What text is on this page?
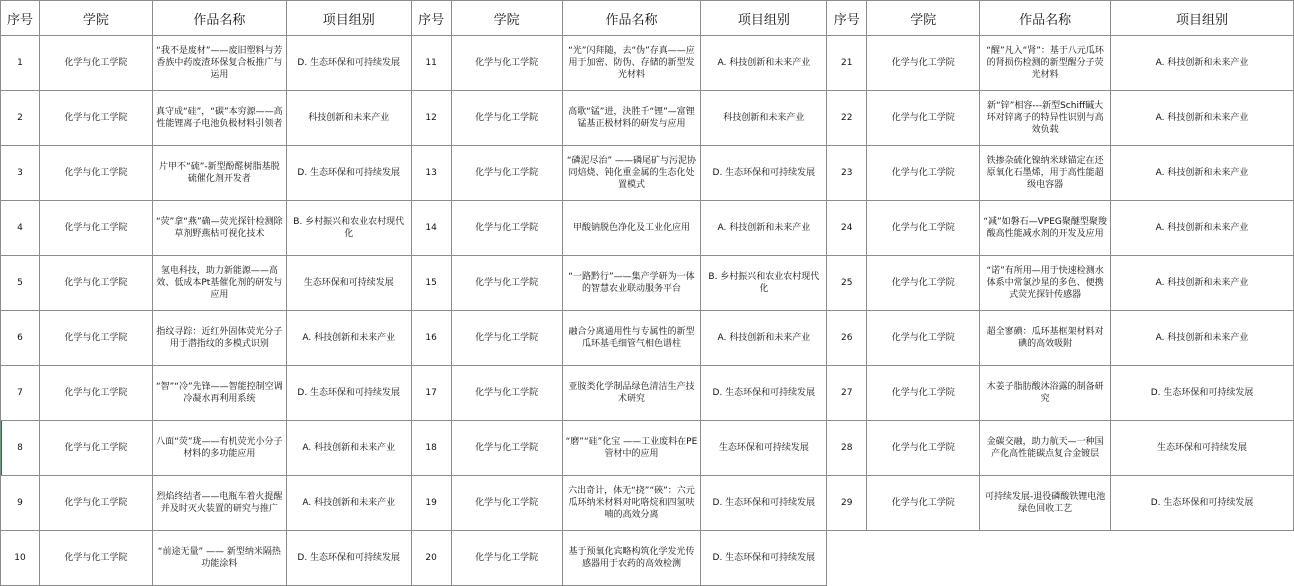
序号	学院	作品名称	项目组别	序号	学院	作品名称	项目组别	序号	学院	作品名称	项目组别
1	化学与化工学院	“我不是废材”——废旧塑料与芳香族中药废渣环保复合板推广与运用	D. 生态环保和可持续发展	11	化学与化工学院	“光”闪拜随，去“伪”存真——应用于加密、防伪、存储的新型发光材料	A. 科技创新和未来产业	21	化学与化工学院	“醒”凡入“肾”：基于八元瓜环的肾损伤检测的新型醒分子荧光材料	A. 科技创新和未来产业
2	化学与化工学院	真守成“硅”，“碳”本穷源——高性能锂离子电池负极材料引领者	科技创新和未来产业	12	化学与化工学院	高歌“锰”进，決胜千“锂”—富锂锰基正极材料的研发与应用	科技创新和未来产业	22	化学与化工学院	新“锌”相容---新型Schiff碱大环对锌离子的特异性识别与高效负载	A. 科技创新和未来产业
3	化学与化工学院	片甲不“硫”-新型酚醛树脂基脱硫催化剂开发者	D. 生态环保和可持续发展	13	化学与化工学院	“磷泥尽治” ——磷尾矿与污泥协同焙烧、钝化重金属的生态化处置模式	D. 生态环保和可持续发展	23	化学与化工学院	铁掺杂硫化镍纳米球锚定在还原氧化石墨烯，用于高性能超级电容器	A. 科技创新和未来产业
4	化学与化工学院	“荧”拿“燕”确—荧光探针检测除草剂野燕枯可视化技术	B. 乡村振兴和农业农村现代化	14	化学与化工学院	甲酸钠脱色净化及工业化应用	A. 科技创新和未来产业	24	化学与化工学院	“减”如磐石—VPEG聚醚型聚羧酸高性能减水剂的开发及应用	A. 科技创新和未来产业
5	化学与化工学院	氢电科技，助力新能源——高效、低成本Pt基催化剂的研发与应用	生态环保和可持续发展	15	化学与化工学院	“一路黔行”——集产学研为一体的智慧农业联动服务平台	B. 乡村振兴和农业农村现代化	25	化学与化工学院	“诺”有所用—用于快速检测水体系中常氯沙星的多色、便携式荧光探针传感器	A. 科技创新和未来产业
6	化学与化工学院	指纹寻踪：近红外固体荧光分子用于潜指纹的多模式识别	A. 科技创新和未来产业	16	化学与化工学院	融合分离通用性与专属性的新型瓜环基毛细管气相色谱柱	A. 科技创新和未来产业	26	化学与化工学院	超全寥碘：瓜环基框架材料对碘的高效吸附	A. 科技创新和未来产业
7	化学与化工学院	“智”“冷”先锋——智能控制空调冷凝水再利用系统	D. 生态环保和可持续发展	17	化学与化工学院	亚胺类化学制品绿色清洁生产技术研究	D. 生态环保和可持续发展	27	化学与化工学院	木姜子脂肪酸沐浴露的制备研究	D. 生态环保和可持续发展
8	化学与化工学院	八面“荧”珑——有机荧光小分子材料的多功能应用	A. 科技创新和未来产业	18	化学与化工学院	“磨”“硅”化宝 ——工业废料在PE管材中的应用	生态环保和可持续发展	28	化学与化工学院	金碳交融，助力航天—一种国产化高性能碳点复合金镀层	生态环保和可持续发展
9	化学与化工学院	烈焰终结者——电瓶车着火提醒并及时灭火装置的研究与推广	A. 科技创新和未来产业	19	化学与化工学院	六出奇计，体无“挠”“硤”：六元瓜环纳米材料对叱咯烷和四氢呋喃的高效分离	D. 生态环保和可持续发展	29	化学与化工学院	可持续发展-退役磷酸铁锂电池绿色回收工艺	D. 生态环保和可持续发展
10	化学与化工学院	“前途无量” —— 新型纳米隔热功能涂料	D. 生态环保和可持续发展	20	化学与化工学院	基于预氧化宾略构筑化学发光传感器用于农药的高效检测	D. 生态环保和可持续发展				
